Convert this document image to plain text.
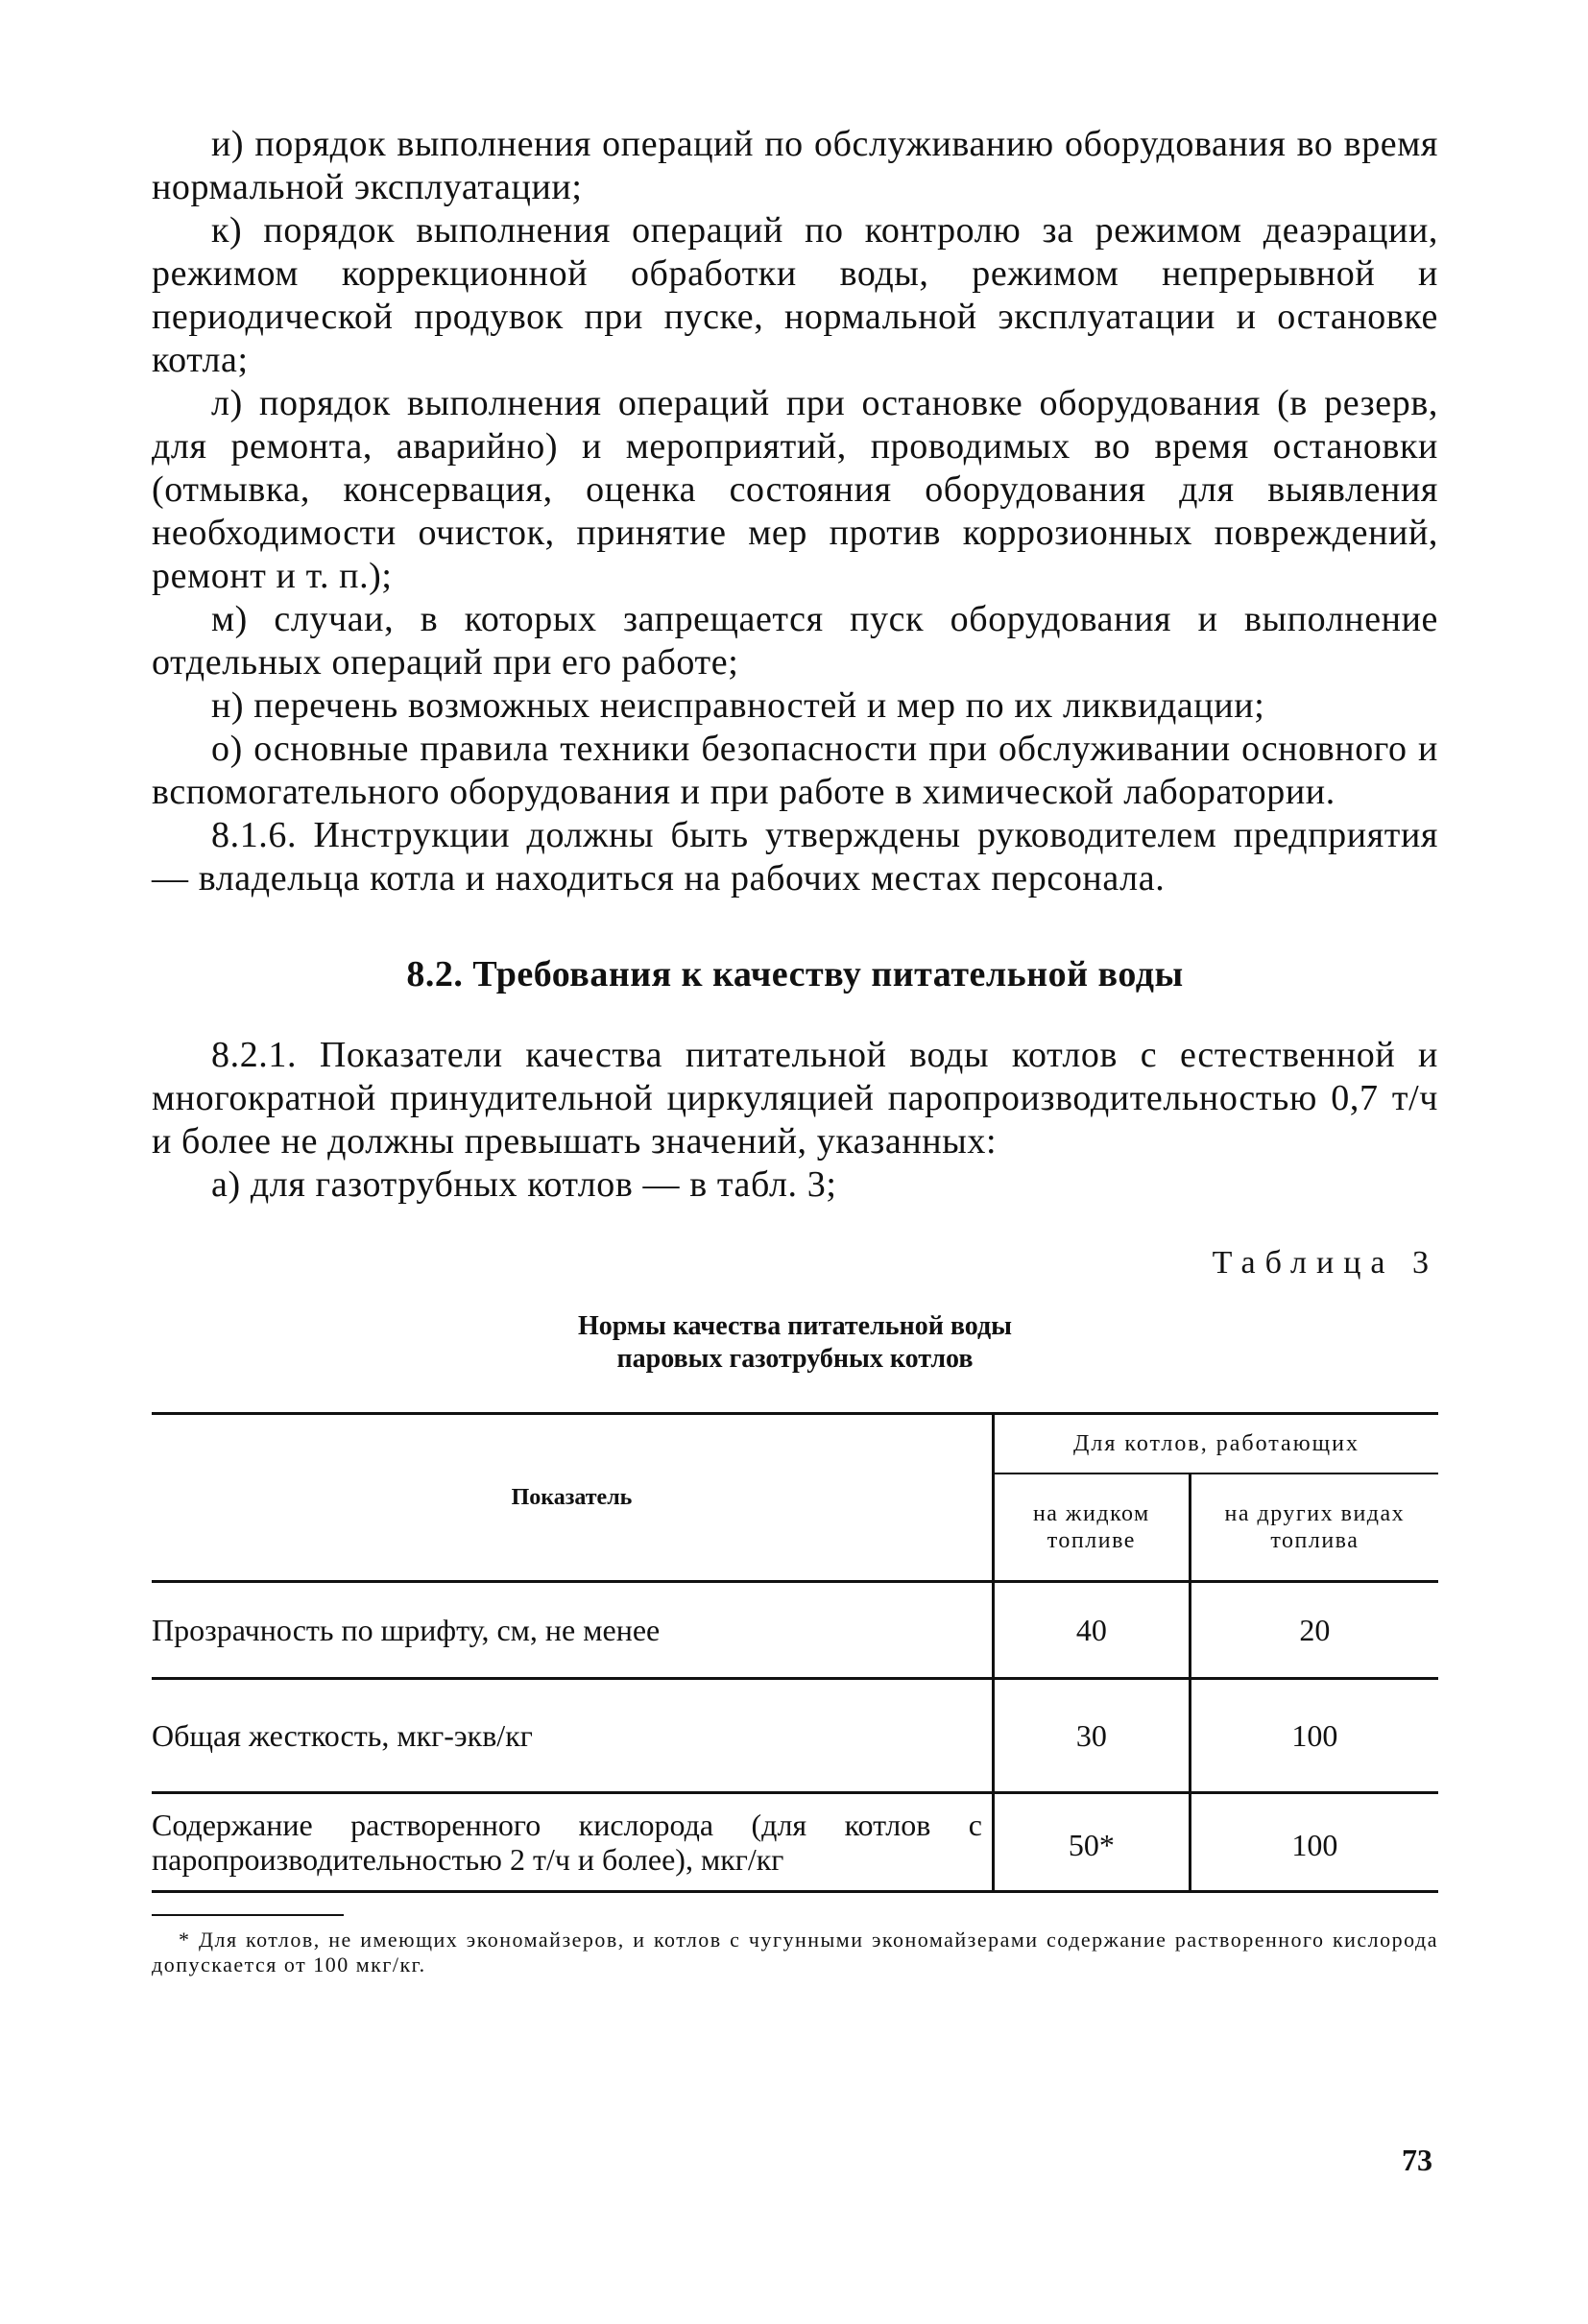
и) порядок выполнения операций по обслуживанию оборудования во время нормальной эксплуатации;

к) порядок выполнения операций по контролю за режимом деаэрации, режимом коррекционной обработки воды, режимом непрерывной и периодической продувок при пуске, нормальной эксплуатации и остановке котла;

л) порядок выполнения операций при остановке оборудования (в резерв, для ремонта, аварийно) и мероприятий, проводимых во время остановки (отмывка, консервация, оценка состояния оборудования для выявления необходимости очисток, принятие мер против коррозионных повреждений, ремонт и т. п.);

м) случаи, в которых запрещается пуск оборудования и выполнение отдельных операций при его работе;

н) перечень возможных неисправностей и мер по их ликвидации;

о) основные правила техники безопасности при обслуживании основного и вспомогательного оборудования и при работе в химической лаборатории.

8.1.6. Инструкции должны быть утверждены руководителем предприятия — владельца котла и находиться на рабочих местах персонала.

8.2. Требования к качеству питательной воды

8.2.1. Показатели качества питательной воды котлов с естественной и многократной принудительной циркуляцией паропроизводительностью 0,7 т/ч и более не должны превышать значений, указанных:

а) для газотрубных котлов — в табл. 3;

Таблица 3
Нормы качества питательной воды
паровых газотрубных котлов
Показатель	Для котлов, работающих	
	на жидком топливе	на других видах топлива
Прозрачность по шрифту, см, не менее	40	20
Общая жесткость, мкг-экв/кг	30	100
Содержание растворенного кислорода (для котлов с паропроизводительностью 2 т/ч и более), мкг/кг	50*	100

* Для котлов, не имеющих экономайзеров, и котлов с чугунными экономайзерами содержание растворенного кислорода допускается от 100 мкг/кг.

73
